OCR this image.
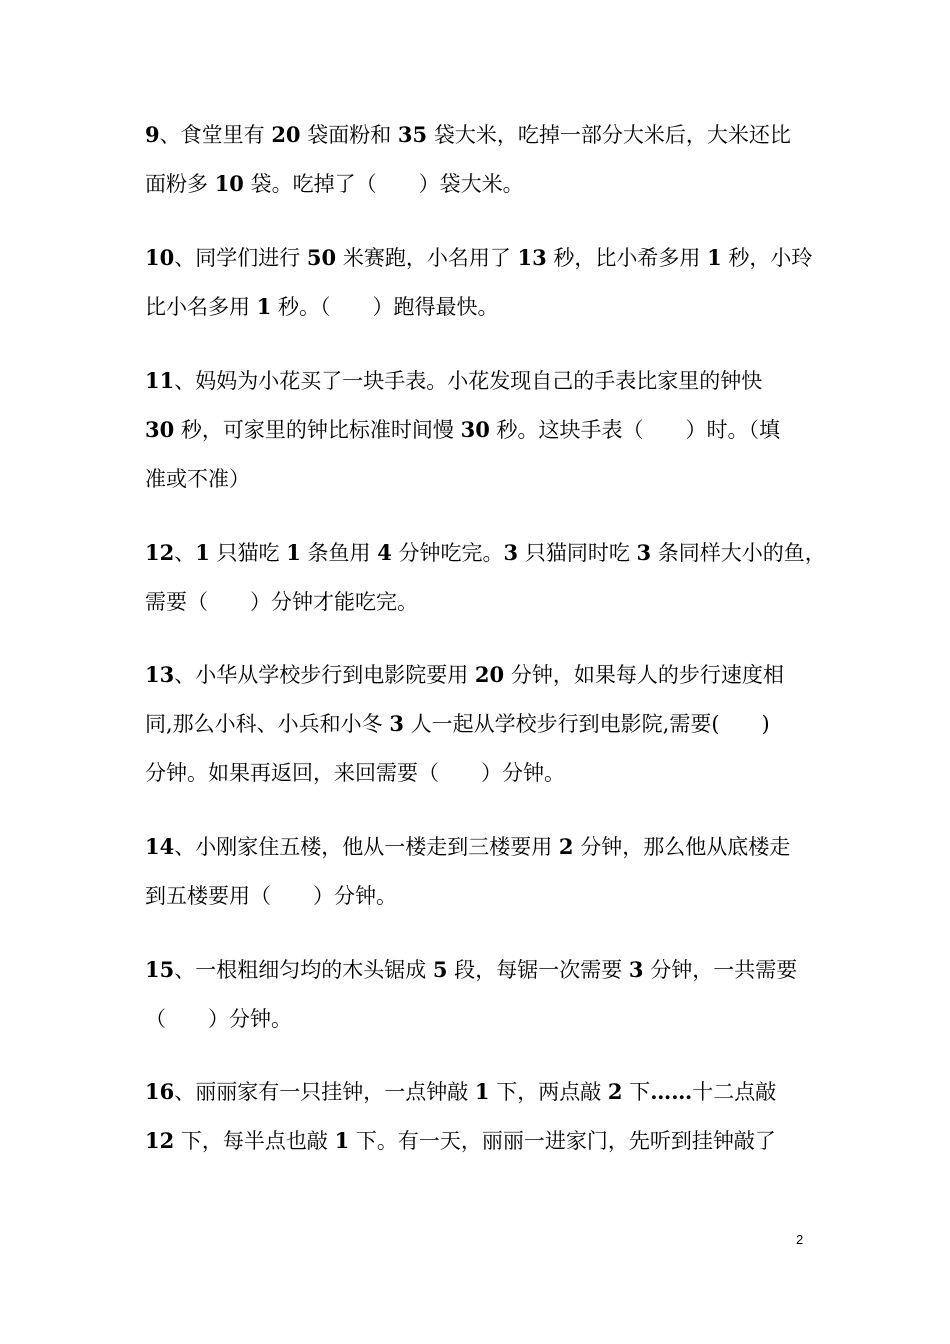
9、食堂里有 20 袋面粉和 35 袋大米，吃掉一部分大米后，大米还比
面粉多 10 袋。吃掉了（　　）袋大米。
10、同学们进行 50 米赛跑，小名用了 13 秒，比小希多用 1 秒，小玲
比小名多用 1 秒。（　　）跑得最快。
11、妈妈为小花买了一块手表。小花发现自己的手表比家里的钟快
30 秒，可家里的钟比标准时间慢 30 秒。这块手表（　　）时。（填
准或不准）
12、1 只猫吃 1 条鱼用 4 分钟吃完。3 只猫同时吃 3 条同样大小的鱼，
需要（　　）分钟才能吃完。
13、小华从学校步行到电影院要用 20 分钟，如果每人的步行速度相
同,那么小科、小兵和小冬 3 人一起从学校步行到电影院,需要(　　)
分钟。如果再返回，来回需要（　　）分钟。
14、小刚家住五楼，他从一楼走到三楼要用 2 分钟，那么他从底楼走
到五楼要用（　　）分钟。
15、一根粗细匀均的木头锯成 5 段，每锯一次需要 3 分钟，一共需要
（　　）分钟。
16、丽丽家有一只挂钟，一点钟敲 1 下，两点敲 2 下……十二点敲
12 下，每半点也敲 1 下。有一天，丽丽一进家门，先听到挂钟敲了
2
